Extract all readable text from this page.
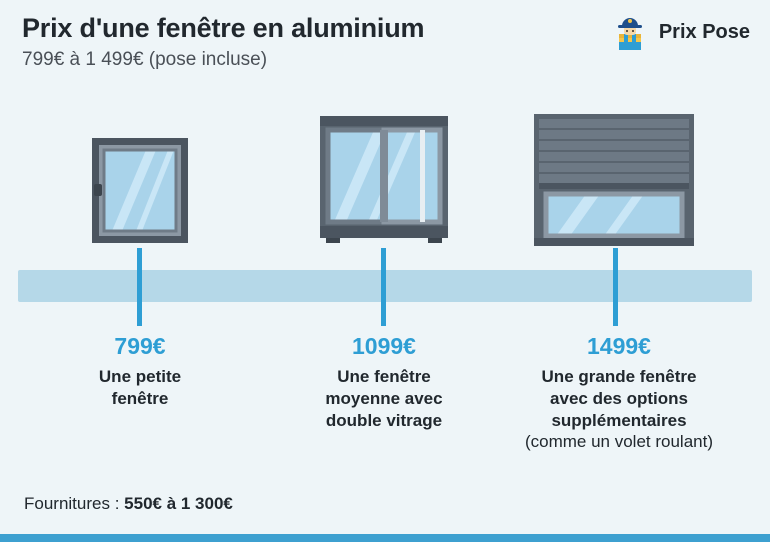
Prix d'une fenêtre en aluminium
799€ à 1 499€ (pose incluse)
Prix Pose
799€
Une petite
fenêtre
1099€
Une fenêtre
moyenne avec
double vitrage
1499€
Une grande fenêtre
avec des options
supplémentaires
(comme un volet roulant)
Fournitures : 550€ à 1 300€
